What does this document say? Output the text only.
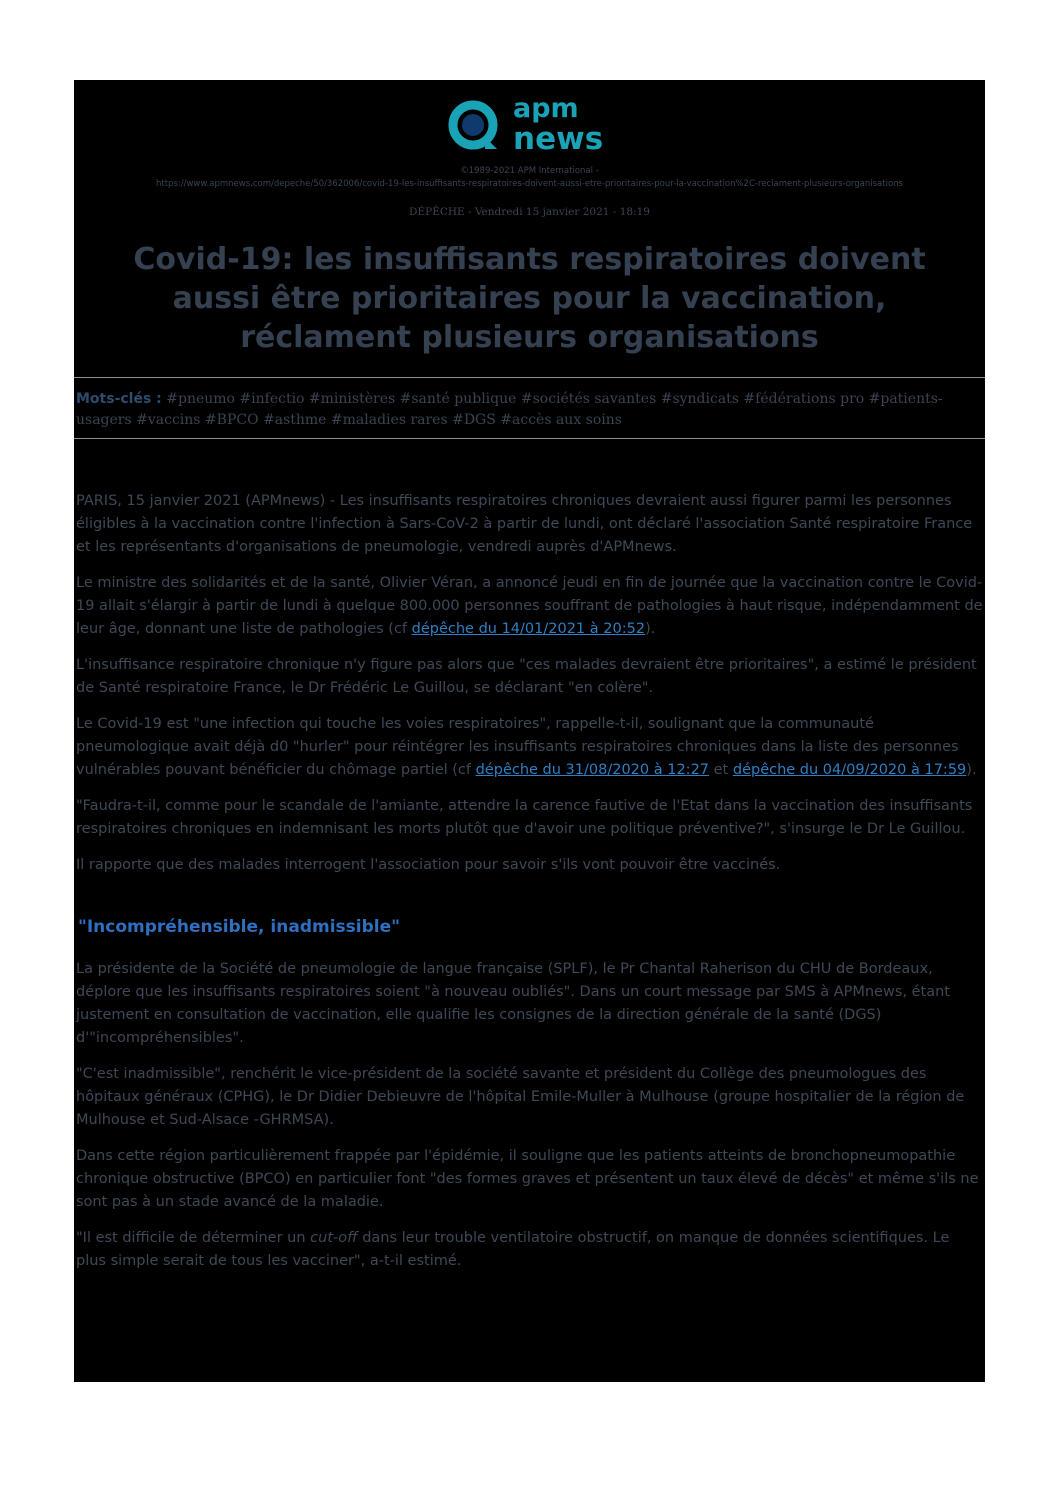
apm
news
©1989-2021 APM International -
https://www.apmnews.com/depeche/50/362006/covid-19-les-insuffisants-respiratoires-doivent-aussi-etre-prioritaires-pour-la-vaccination%2C-reclament-plusieurs-organisations
DÉPÊCHE - Vendredi 15 janvier 2021 - 18:19
Covid-19: les insuffisants respiratoires doivent aussi être prioritaires pour la vaccination, réclament plusieurs organisations
Mots-clés : #pneumo #infectio #ministères #santé publique #sociétés savantes #syndicats #fédérations pro #patients-usagers #vaccins #BPCO #asthme #maladies rares #DGS #accès aux soins

PARIS, 15 janvier 2021 (APMnews) - Les insuffisants respiratoires chroniques devraient aussi figurer parmi les personnes éligibles à la vaccination contre l'infection à Sars-CoV-2 à partir de lundi, ont déclaré l'association Santé respiratoire France et les représentants d'organisations de pneumologie, vendredi auprès d'APMnews.

Le ministre des solidarités et de la santé, Olivier Véran, a annoncé jeudi en fin de journée que la vaccination contre le Covid-19 allait s'élargir à partir de lundi à quelque 800.000 personnes souffrant de pathologies à haut risque, indépendamment de leur âge, donnant une liste de pathologies (cf dépêche du 14/01/2021 à 20:52).

L'insuffisance respiratoire chronique n'y figure pas alors que "ces malades devraient être prioritaires", a estimé le président de Santé respiratoire France, le Dr Frédéric Le Guillou, se déclarant "en colère".

Le Covid-19 est "une infection qui touche les voies respiratoires", rappelle-t-il, soulignant que la communauté pneumologique avait déjà d0 "hurler" pour réintégrer les insuffisants respiratoires chroniques dans la liste des personnes vulnérables pouvant bénéficier du chômage partiel (cf dépêche du 31/08/2020 à 12:27 et dépêche du 04/09/2020 à 17:59).

"Faudra-t-il, comme pour le scandale de l'amiante, attendre la carence fautive de l'Etat dans la vaccination des insuffisants respiratoires chroniques en indemnisant les morts plutôt que d'avoir une politique préventive?", s'insurge le Dr Le Guillou.

Il rapporte que des malades interrogent l'association pour savoir s'ils vont pouvoir être vaccinés.

"Incompréhensible, inadmissible"

La présidente de la Société de pneumologie de langue française (SPLF), le Pr Chantal Raherison du CHU de Bordeaux, déplore que les insuffisants respiratoires soient "à nouveau oubliés". Dans un court message par SMS à APMnews, étant justement en consultation de vaccination, elle qualifie les consignes de la direction générale de la santé (DGS) d'"incompréhensibles".

"C'est inadmissible", renchérit le vice-président de la société savante et président du Collège des pneumologues des hôpitaux généraux (CPHG), le Dr Didier Debieuvre de l'hôpital Emile-Muller à Mulhouse (groupe hospitalier de la région de Mulhouse et Sud-Alsace -GHRMSA).

Dans cette région particulièrement frappée par l'épidémie, il souligne que les patients atteints de bronchopneumopathie chronique obstructive (BPCO) en particulier font "des formes graves et présentent un taux élevé de décès" et même s'ils ne sont pas à un stade avancé de la maladie.

"Il est difficile de déterminer un cut-off dans leur trouble ventilatoire obstructif, on manque de données scientifiques. Le plus simple serait de tous les vacciner", a-t-il estimé.
